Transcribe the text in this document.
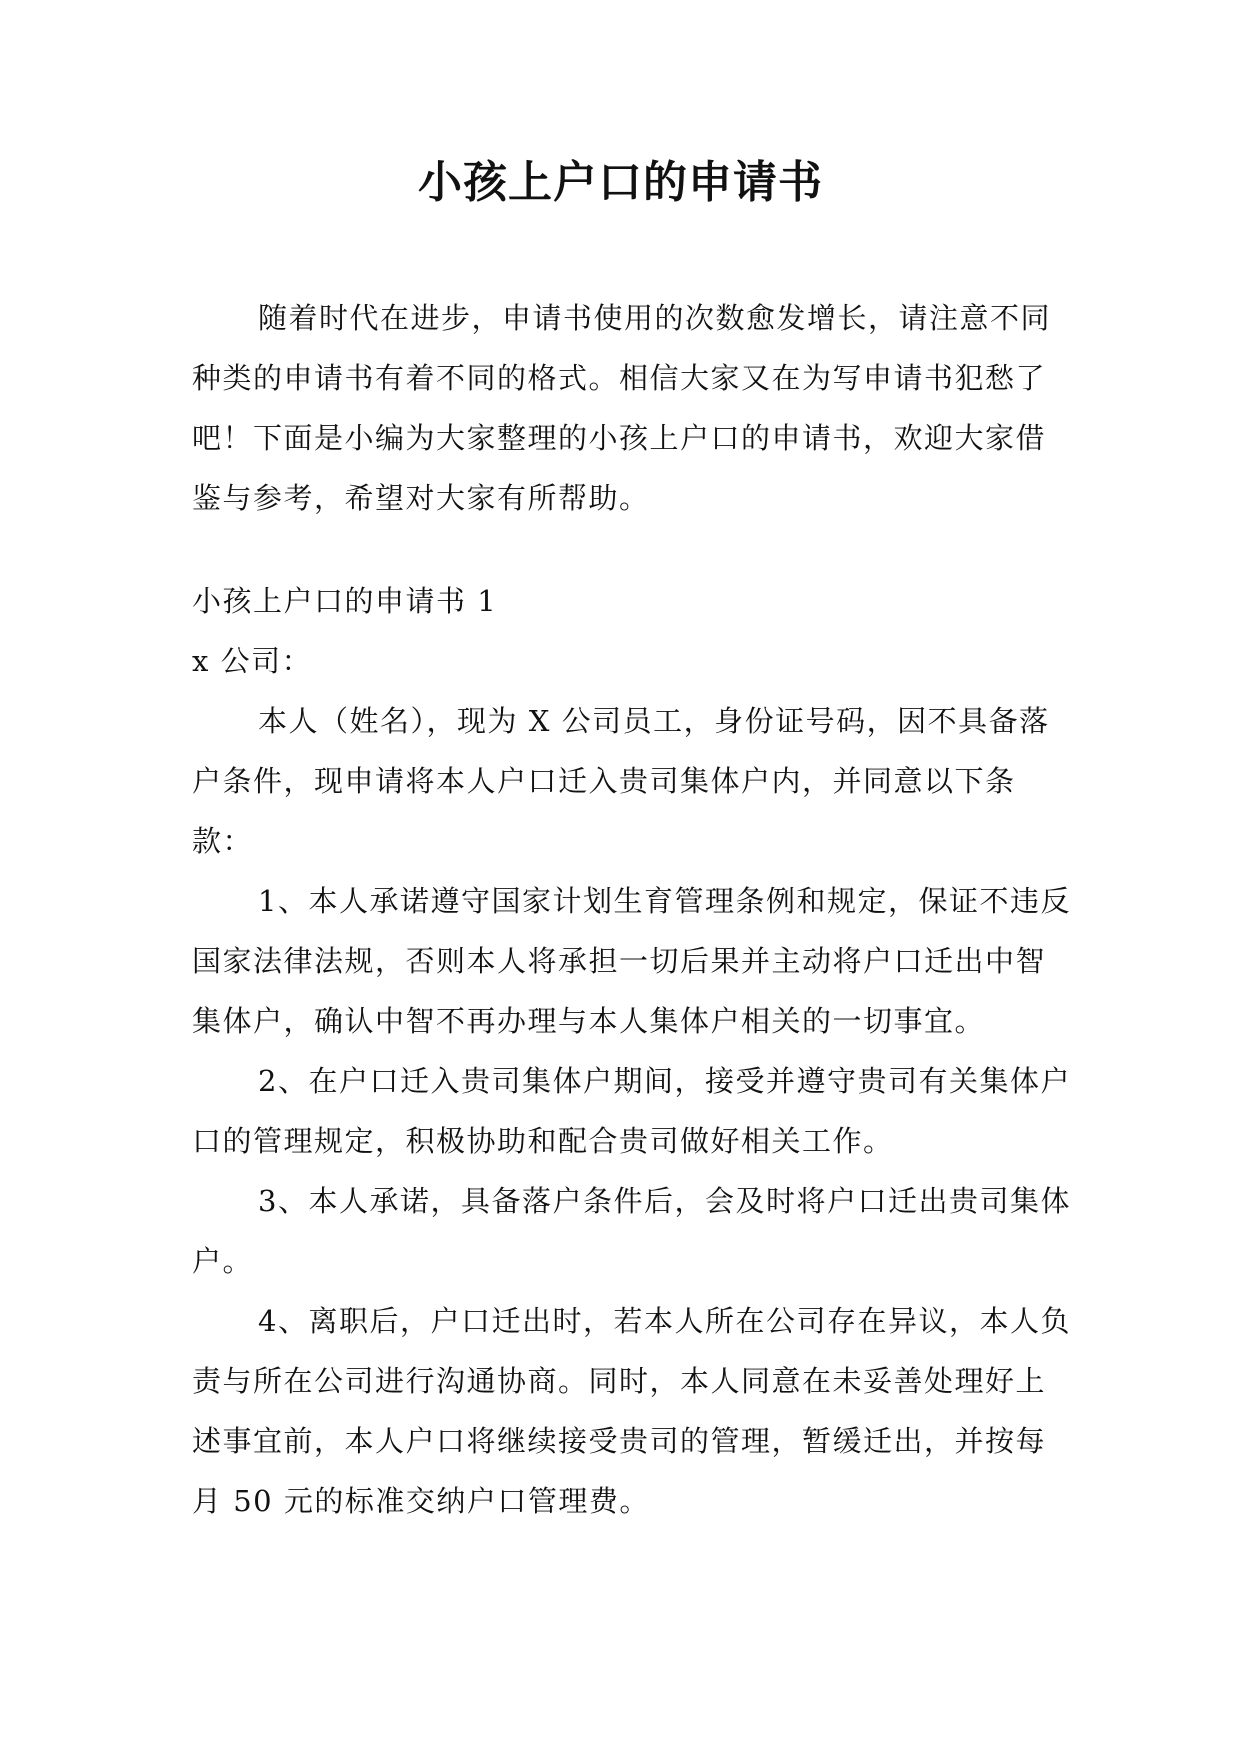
小孩上户口的申请书

随着时代在进步，申请书使用的次数愈发增长，请注意不同种类的申请书有着不同的格式。相信大家又在为写申请书犯愁了吧！下面是小编为大家整理的小孩上户口的申请书，欢迎大家借鉴与参考，希望对大家有所帮助。

小孩上户口的申请书 1

x 公司：

本人（姓名），现为 X 公司员工，身份证号码，因不具备落户条件，现申请将本人户口迁入贵司集体户内，并同意以下条款：

1、本人承诺遵守国家计划生育管理条例和规定，保证不违反国家法律法规，否则本人将承担一切后果并主动将户口迁出中智集体户，确认中智不再办理与本人集体户相关的一切事宜。

2、在户口迁入贵司集体户期间，接受并遵守贵司有关集体户口的管理规定，积极协助和配合贵司做好相关工作。

3、本人承诺，具备落户条件后，会及时将户口迁出贵司集体户。

4、离职后，户口迁出时，若本人所在公司存在异议，本人负责与所在公司进行沟通协商。同时，本人同意在未妥善处理好上述事宜前，本人户口将继续接受贵司的管理，暂缓迁出，并按每月 50 元的标准交纳户口管理费。
